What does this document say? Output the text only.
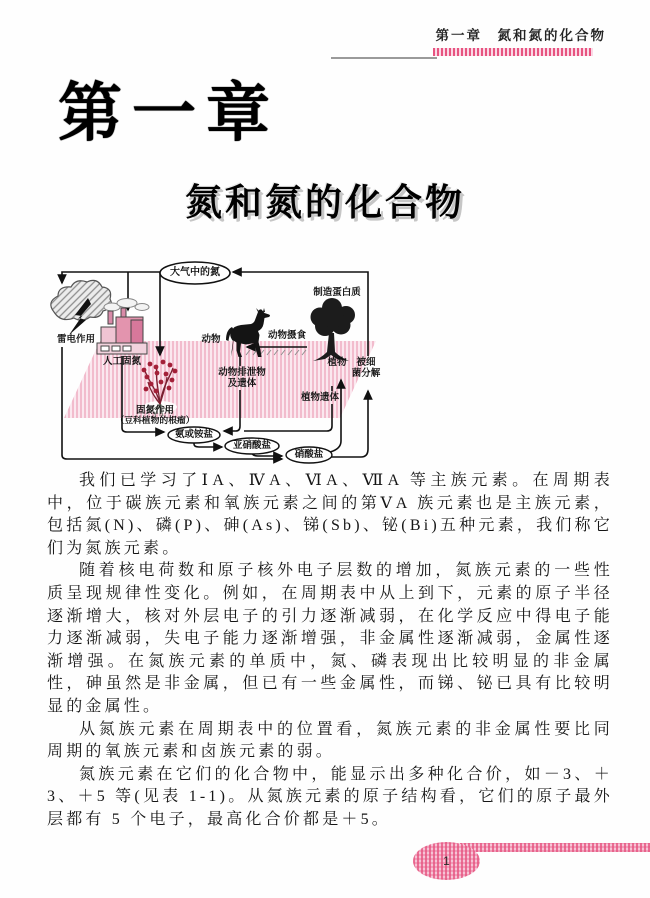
第一章　氮和氮的化合物
第一章
氮和氮的化合物
大气中的氮
制造蛋白质
雷电作用
人工固氮
动物	动物摄食
植物	被细
菌分解
动物排泄物
及遗体
植物遗体
固氮作用
（豆科植物的根瘤）
氨或铵盐
亚硝酸盐
硝酸盐

我们已学习了ⅠA、ⅣA、ⅥA、ⅦA 等主族元素。在周期表中，位于碳族元素和氧族元素之间的第ⅤA 族元素也是主族元素，包括氮(N)、磷(P)、砷(As)、锑(Sb)、铋(Bi)五种元素，我们称它们为氮族元素。

随着核电荷数和原子核外电子层数的增加，氮族元素的一些性质呈现规律性变化。例如，在周期表中从上到下，元素的原子半径逐渐增大，核对外层电子的引力逐渐减弱，在化学反应中得电子能力逐渐减弱，失电子能力逐渐增强，非金属性逐渐减弱，金属性逐渐增强。在氮族元素的单质中，氮、磷表现出比较明显的非金属性，砷虽然是非金属，但已有一些金属性，而锑、铋已具有比较明显的金属性。

从氮族元素在周期表中的位置看，氮族元素的非金属性要比同周期的氧族元素和卤族元素的弱。

氮族元素在它们的化合物中，能显示出多种化合价，如－3、＋3、＋5 等(见表 1-1)。从氮族元素的原子结构看，它们的原子最外层都有 5 个电子，最高化合价都是＋5。

1
